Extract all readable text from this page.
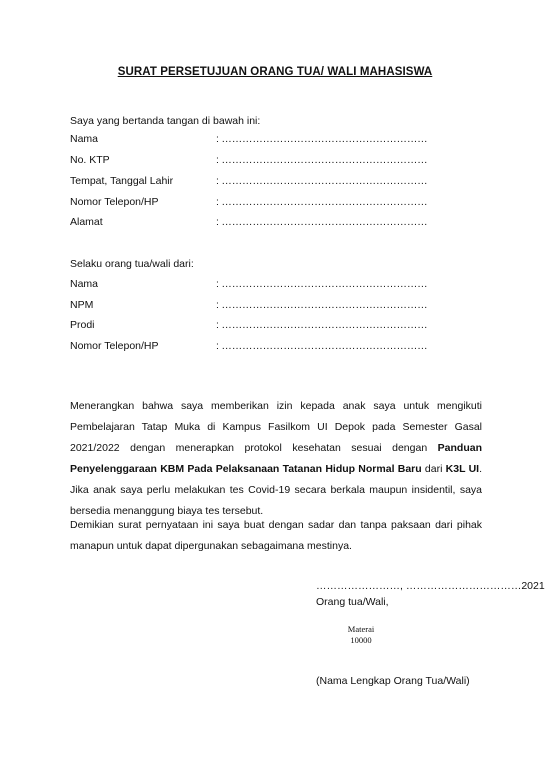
SURAT PERSETUJUAN ORANG TUA/ WALI MAHASISWA
Saya yang bertanda tangan di bawah ini:
Nama	: ……………………………………………………
No. KTP	: ……………………………………………………
Tempat, Tanggal Lahir	: ……………………………………………………
Nomor Telepon/HP	: ……………………………………………………
Alamat	: ……………………………………………………
Selaku orang tua/wali dari:
Nama	: ……………………………………………………
NPM	: ……………………………………………………
Prodi	: ……………………………………………………
Nomor Telepon/HP	: ……………………………………………………
Menerangkan bahwa saya memberikan izin kepada anak saya untuk mengikuti Pembelajaran Tatap Muka di Kampus Fasilkom UI Depok pada Semester Gasal 2021/2022 dengan menerapkan protokol kesehatan sesuai dengan Panduan Penyelenggaraan KBM Pada Pelaksanaan Tatanan Hidup Normal Baru dari K3L UI. Jika anak saya perlu melakukan tes Covid-19 secara berkala maupun insidentil, saya bersedia menanggung biaya tes tersebut.
Demikian surat pernyataan ini saya buat dengan sadar dan tanpa paksaan dari pihak manapun untuk dapat dipergunakan sebagaimana mestinya.
……………………, ……………………………2021
Orang tua/Wali,
Materai
10000
(Nama Lengkap Orang Tua/Wali)
